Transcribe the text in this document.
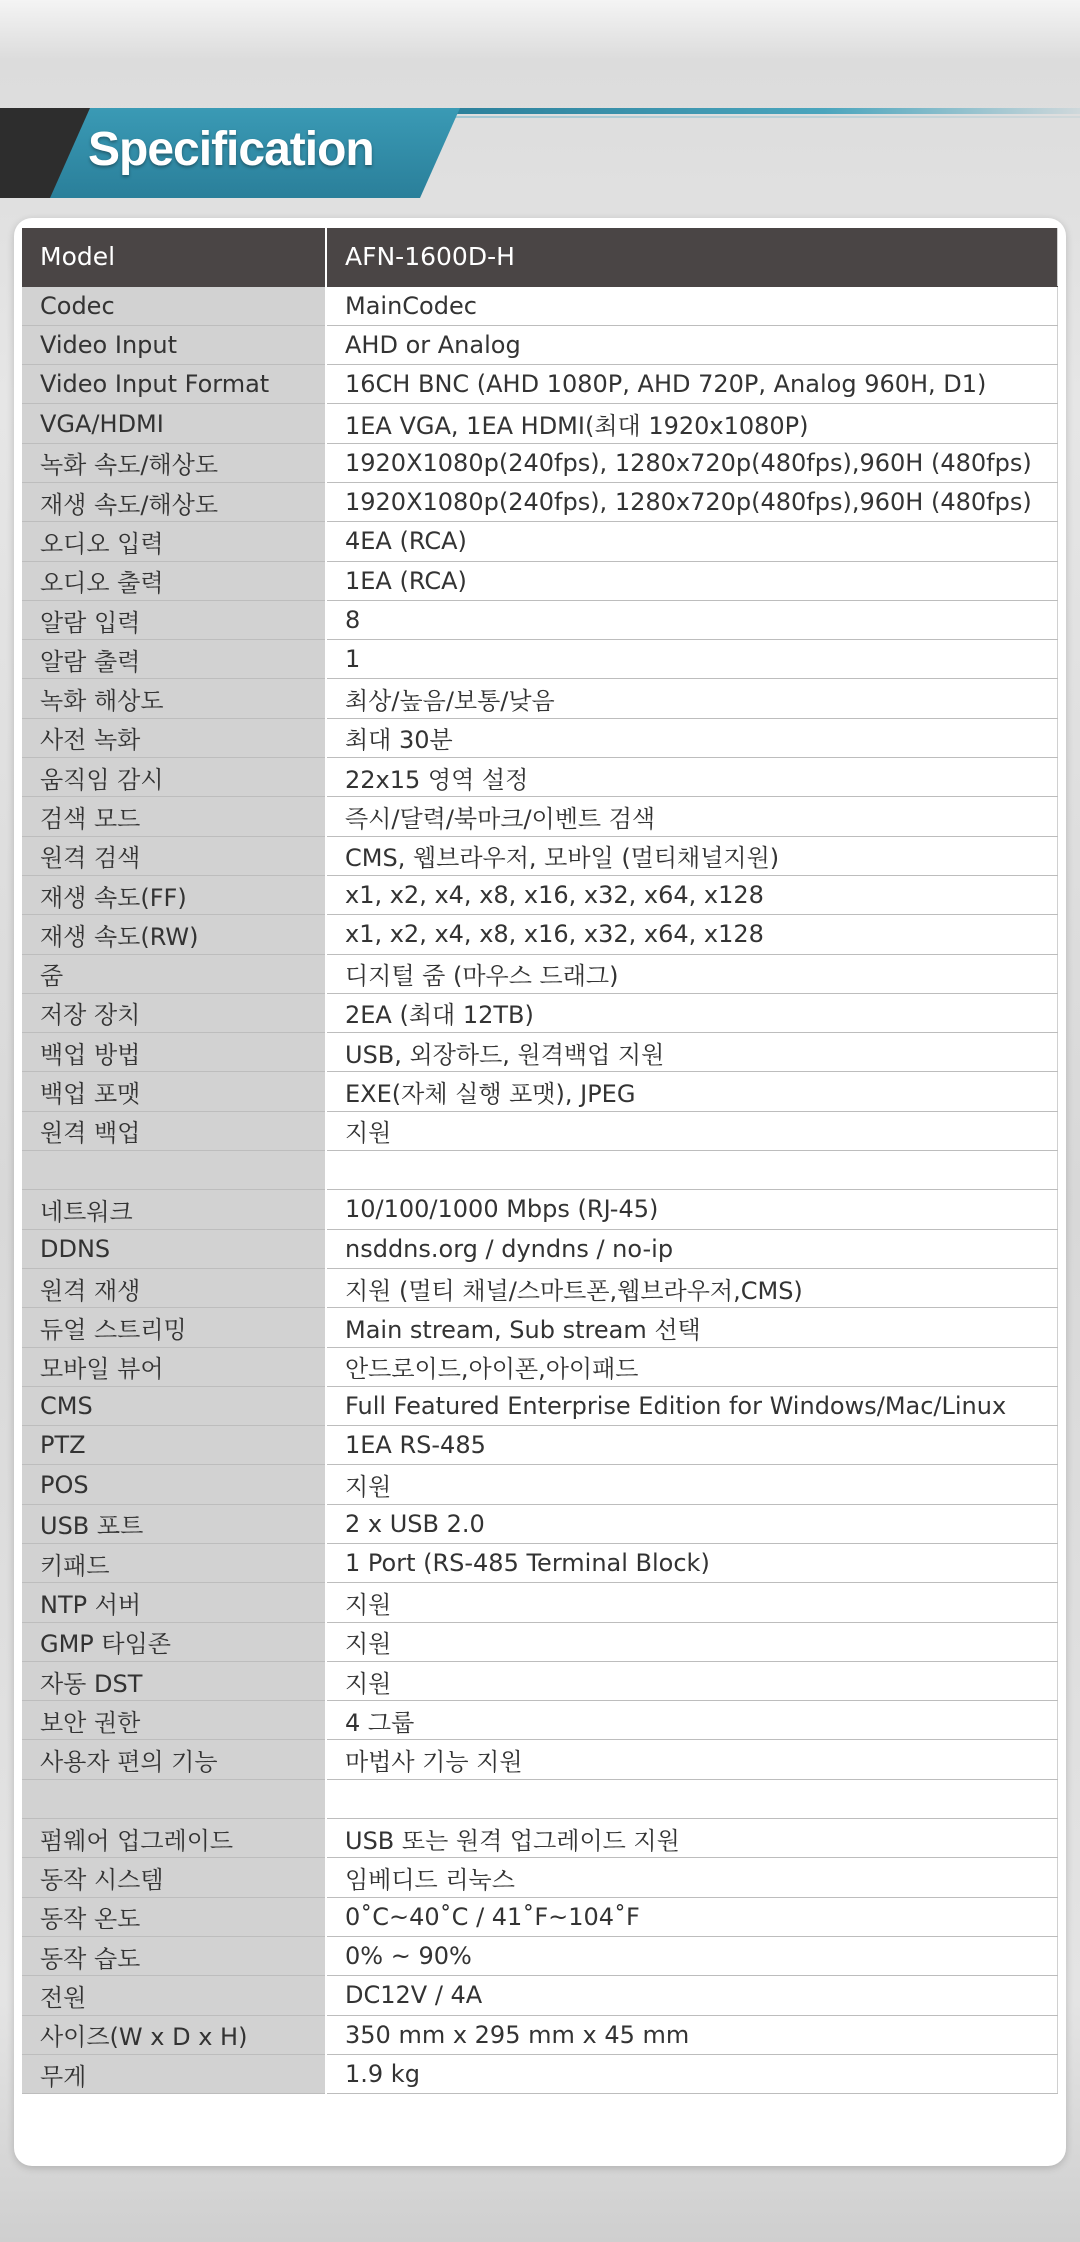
Specification
Model	AFN-1600D-H
Codec	MainCodec
Video Input	AHD or Analog
Video Input Format	16CH BNC (AHD 1080P, AHD 720P, Analog 960H, D1)
VGA/HDMI	1EA VGA, 1EA HDMI(최대 1920x1080P)
녹화 속도/해상도	1920X1080p(240fps), 1280x720p(480fps),960H (480fps)
재생 속도/해상도	1920X1080p(240fps), 1280x720p(480fps),960H (480fps)
오디오 입력	4EA (RCA)
오디오 출력	1EA (RCA)
알람 입력	8
알람 출력	1
녹화 해상도	최상/높음/보통/낮음
사전 녹화	최대 30분
움직임 감시	22x15 영역 설정
검색 모드	즉시/달력/북마크/이벤트 검색
원격 검색	CMS, 웹브라우저, 모바일 (멀티채널지원)
재생 속도(FF)	x1, x2, x4, x8, x16, x32, x64, x128
재생 속도(RW)	x1, x2, x4, x8, x16, x32, x64, x128
줌	디지털 줌 (마우스 드래그)
저장 장치	2EA (최대 12TB)
백업 방법	USB, 외장하드, 원격백업 지원
백업 포맷	EXE(자체 실행 포맷), JPEG
원격 백업	지원

네트워크	10/100/1000 Mbps (RJ-45)
DDNS	nsddns.org / dyndns / no-ip
원격 재생	지원 (멀티 채널/스마트폰,웹브라우저,CMS)
듀얼 스트리밍	Main stream, Sub stream 선택
모바일 뷰어	안드로이드,아이폰,아이패드
CMS	Full Featured Enterprise Edition for Windows/Mac/Linux
PTZ	1EA RS-485
POS	지원
USB 포트	2 x USB 2.0
키패드	1 Port (RS-485 Terminal Block)
NTP 서버	지원
GMP 타임존	지원
자동 DST	지원
보안 권한	4 그룹
사용자 편의 기능	마법사 기능 지원

펌웨어 업그레이드	USB 또는 원격 업그레이드 지원
동작 시스템	임베디드 리눅스
동작 온도	0˚C~40˚C / 41˚F~104˚F
동작 습도	0% ~ 90%
전원	DC12V / 4A
사이즈(W x D x H)	350 mm x 295 mm x 45 mm
무게	1.9 kg
